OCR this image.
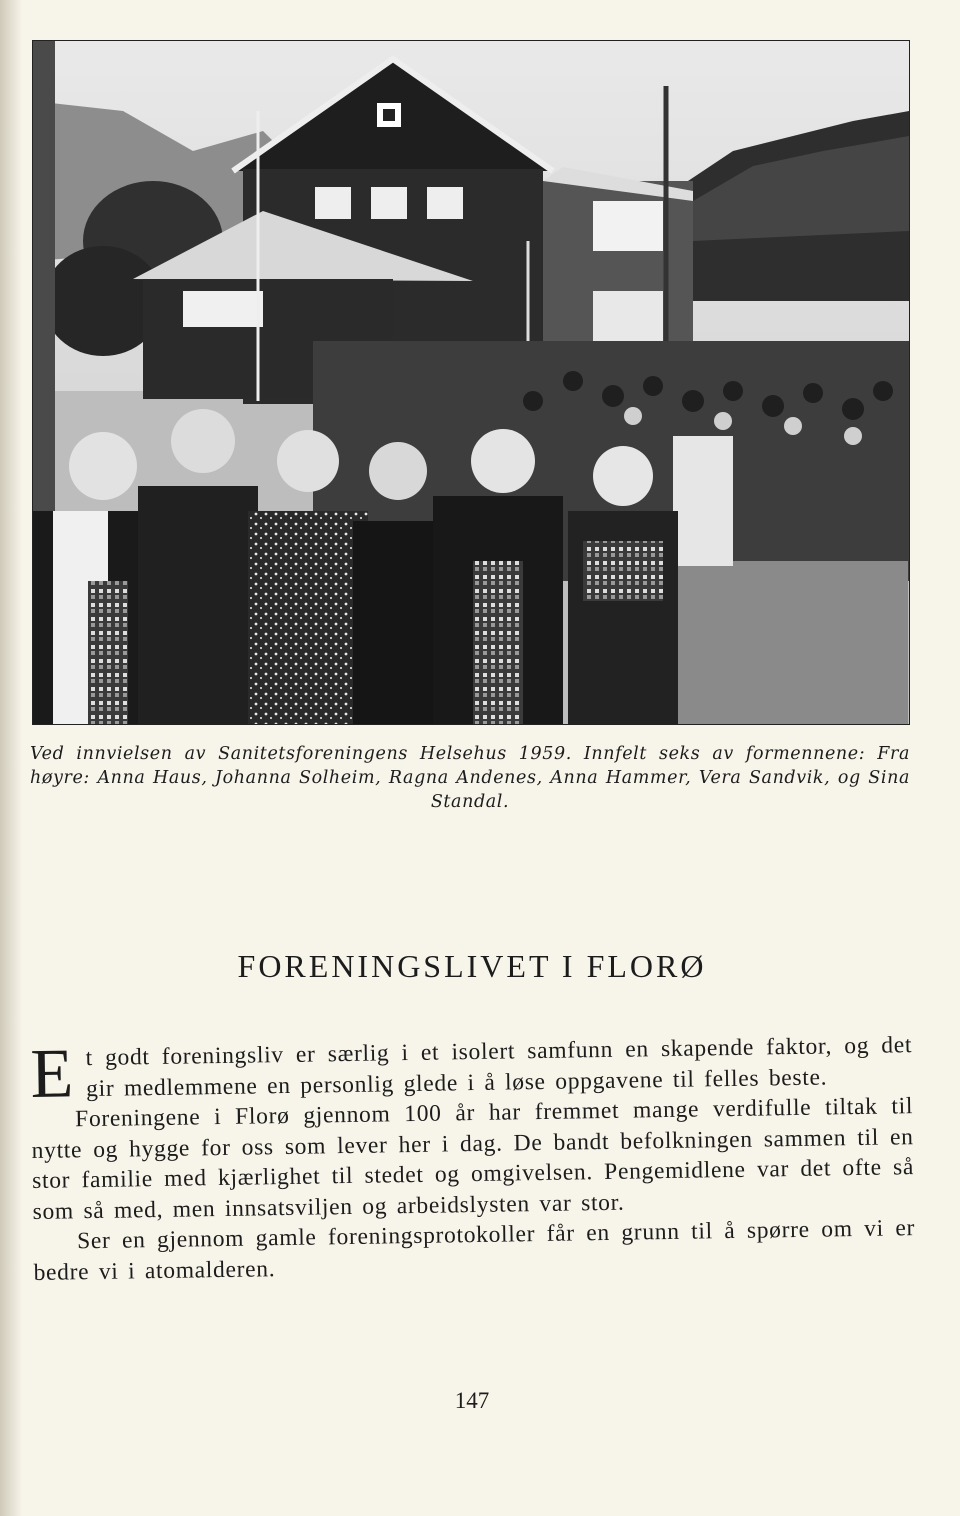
Ved innvielsen av Sanitetsforeningens Helsehus 1959. Innfelt seks av formennene: Fra høyre: Anna Haus, Johanna Solheim, Ragna Andenes, Anna Hammer, Vera Sandvik, og Sina Standal.
FORENINGSLIVET I FLORØ

Et godt foreningsliv er særlig i et isolert samfunn en skapende faktor, og det gir medlemmene en personlig glede i å løse oppgavene til felles beste.

Foreningene i Florø gjennom 100 år har fremmet mange verdifulle tiltak til nytte og hygge for oss som lever her i dag. De bandt befolkningen sammen til en stor familie med kjærlighet til stedet og omgivelsen. Pengemidlene var det ofte så som så med, men innsatsviljen og arbeidslysten var stor.

Ser en gjennom gamle foreningsprotokoller får en grunn til å spørre om vi er bedre vi i atomalderen.

147
